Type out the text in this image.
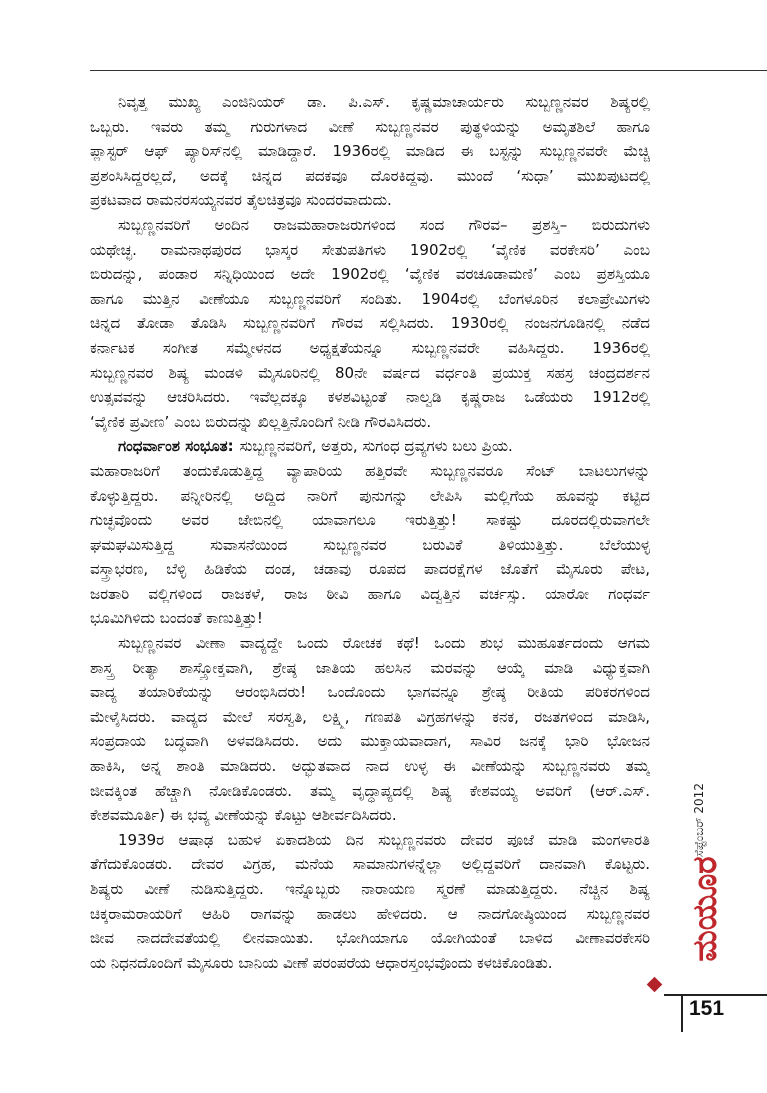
ನಿವೃತ್ತ ಮುಖ್ಯ ಎಂಜಿನಿಯರ್ ಡಾ. ಪಿ.ಎಸ್. ಕೃಷ್ಣಮಾಚಾರ್ಯರು ಸುಬ್ಬಣ್ಣನವರ ಶಿಷ್ಯರಲ್ಲಿ
ಒಬ್ಬರು. ಇವರು ತಮ್ಮ ಗುರುಗಳಾದ ವೀಣೆ ಸುಬ್ಬಣ್ಣನವರ ಪುತ್ಥಳಿಯನ್ನು ಅಮೃತಶಿಲೆ ಹಾಗೂ
ಪ್ಲಾಸ್ಟರ್ ಆಫ್ ಪ್ಯಾರಿಸ್‌ನಲ್ಲಿ ಮಾಡಿದ್ದಾರೆ. 1936ರಲ್ಲಿ ಮಾಡಿದ ಈ ಬಸ್ಟನ್ನು ಸುಬ್ಬಣ್ಣನವರೇ ಮೆಚ್ಚಿ
ಪ್ರಶಂಸಿಸಿದ್ದರಲ್ಲದೆ, ಅದಕ್ಕೆ ಚಿನ್ನದ ಪದಕವೂ ದೊರಕಿದ್ದವು. ಮುಂದೆ ‘ಸುಧಾ’ ಮುಖಪುಟದಲ್ಲಿ
ಪ್ರಕಟವಾದ ರಾಮನರಸಯ್ಯನವರ ತೈಲಚಿತ್ರವೂ ಸುಂದರವಾದುದು.
ಸುಬ್ಬಣ್ಣನವರಿಗೆ ಅಂದಿನ ರಾಜಮಹಾರಾಜರುಗಳಿಂದ ಸಂದ ಗೌರವ– ಪ್ರಶಸ್ತಿ– ಬಿರುದುಗಳು
ಯಥೇಚ್ಛ. ರಾಮನಾಥಪುರದ ಭಾಸ್ಕರ ಸೇತುಪತಿಗಳು 1902ರಲ್ಲಿ ‘ವೈಣಿಕ ವರಕೇಸರಿ’ ಎಂಬ
ಬಿರುದನ್ನು, ಪಂಡಾರ ಸನ್ನಿಧಿಯಿಂದ ಅದೇ 1902ರಲ್ಲಿ ‘ವೈಣಿಕ ವರಚೂಡಾಮಣಿ’ ಎಂಬ ಪ್ರಶಸ್ತಿಯೂ
ಹಾಗೂ ಮುತ್ತಿನ ವೀಣೆಯೂ ಸುಬ್ಬಣ್ಣನವರಿಗೆ ಸಂದಿತು. 1904ರಲ್ಲಿ ಬೆಂಗಳೂರಿನ ಕಲಾಪ್ರೇಮಿಗಳು
ಚಿನ್ನದ ತೋಡಾ ತೊಡಿಸಿ ಸುಬ್ಬಣ್ಣನವರಿಗೆ ಗೌರವ ಸಲ್ಲಿಸಿದರು. 1930ರಲ್ಲಿ ನಂಜನಗೂಡಿನಲ್ಲಿ ನಡೆದ
ಕರ್ನಾಟಕ ಸಂಗೀತ ಸಮ್ಮೇಳನದ ಅಧ್ಯಕ್ಷತೆಯನ್ನೂ ಸುಬ್ಬಣ್ಣನವರೇ ವಹಿಸಿದ್ದರು. 1936ರಲ್ಲಿ
ಸುಬ್ಬಣ್ಣನವರ ಶಿಷ್ಯ ಮಂಡಳಿ ಮೈಸೂರಿನಲ್ಲಿ 80ನೇ ವರ್ಷದ ವರ್ಧಂತಿ ಪ್ರಯುಕ್ತ ಸಹಸ್ರ ಚಂದ್ರದರ್ಶನ
ಉತ್ಸವವನ್ನು ಆಚರಿಸಿದರು. ಇವೆಲ್ಲದಕ್ಕೂ ಕಳಶವಿಟ್ಟಂತೆ ನಾಲ್ವಡಿ ಕೃಷ್ಣರಾಜ ಒಡೆಯರು 1912ರಲ್ಲಿ
‘ವೈಣಿಕ ಪ್ರವೀಣ’ ಎಂಬ ಬಿರುದನ್ನು ಖಿಲ್ಲತ್ತಿನೊಂದಿಗೆ ನೀಡಿ ಗೌರವಿಸಿದರು.
ಗಂಧರ್ವಾಂಶ ಸಂಭೂತ: ಸುಬ್ಬಣ್ಣನವರಿಗೆ, ಅತ್ತರು, ಸುಗಂಧ ದ್ರವ್ಯಗಳು ಬಲು ಪ್ರಿಯ.
ಮಹಾರಾಜರಿಗೆ ತಂದುಕೊಡುತ್ತಿದ್ದ ವ್ಯಾಪಾರಿಯ ಹತ್ತಿರವೇ ಸುಬ್ಬಣ್ಣನವರೂ ಸೆಂಟ್ ಬಾಟಲುಗಳನ್ನು
ಕೊಳ್ಳುತ್ತಿದ್ದರು. ಪನ್ನೀರಿನಲ್ಲಿ ಅದ್ದಿದ ನಾರಿಗೆ ಪುನುಗನ್ನು ಲೇಪಿಸಿ ಮಲ್ಲಿಗೆಯ ಹೂವನ್ನು ಕಟ್ಟಿದ
ಗುಚ್ಛವೊಂದು ಅವರ ಜೇಬಿನಲ್ಲಿ ಯಾವಾಗಲೂ ಇರುತ್ತಿತ್ತು! ಸಾಕಷ್ಟು ದೂರದಲ್ಲಿರುವಾಗಲೇ
ಘಮಘಮಿಸುತ್ತಿದ್ದ ಸುವಾಸನೆಯಿಂದ ಸುಬ್ಬಣ್ಣನವರ ಬರುವಿಕೆ ತಿಳಿಯುತ್ತಿತ್ತು. ಬೆಲೆಯುಳ್ಳ
ವಸ್ತ್ರಾಭರಣ, ಬೆಳ್ಳಿ ಹಿಡಿಕೆಯ ದಂಡ, ಚಡಾವು ರೂಪದ ಪಾದರಕ್ಷೆಗಳ ಜೊತೆಗೆ ಮೈಸೂರು ಪೇಟ,
ಜರತಾರಿ ವಲ್ಲಿಗಳಿಂದ ರಾಜಕಳೆ, ರಾಜ ಠೀವಿ ಹಾಗೂ ವಿದ್ವತ್ತಿನ ವರ್ಚಸ್ಸು. ಯಾರೋ ಗಂಧರ್ವ
ಭೂಮಿಗಿಳಿದು ಬಂದಂತೆ ಕಾಣುತ್ತಿತ್ತು!
ಸುಬ್ಬಣ್ಣನವರ ವೀಣಾ ವಾದ್ಯದ್ದೇ ಒಂದು ರೋಚಕ ಕಥೆ! ಒಂದು ಶುಭ ಮುಹೂರ್ತದಂದು ಆಗಮ
ಶಾಸ್ತ್ರ ರೀತ್ಯಾ ಶಾಸ್ತ್ರೋಕ್ತವಾಗಿ, ಶ್ರೇಷ್ಠ ಜಾತಿಯ ಹಲಸಿನ ಮರವನ್ನು ಆಯ್ಕೆ ಮಾಡಿ ವಿಧ್ಯುಕ್ತವಾಗಿ
ವಾದ್ಯ ತಯಾರಿಕೆಯನ್ನು ಆರಂಭಿಸಿದರು! ಒಂದೊಂದು ಭಾಗವನ್ನೂ ಶ್ರೇಷ್ಠ ರೀತಿಯ ಪರಿಕರಗಳಿಂದ
ಮೇಳೈಸಿದರು. ವಾದ್ಯದ ಮೇಲೆ ಸರಸ್ವತಿ, ಲಕ್ಷ್ಮಿ, ಗಣಪತಿ ವಿಗ್ರಹಗಳನ್ನು ಕನಕ, ರಜತಗಳಿಂದ ಮಾಡಿಸಿ,
ಸಂಪ್ರದಾಯ ಬದ್ಧವಾಗಿ ಅಳವಡಿಸಿದರು. ಅದು ಮುಕ್ತಾಯವಾದಾಗ, ಸಾವಿರ ಜನಕ್ಕೆ ಭಾರಿ ಭೋಜನ
ಹಾಕಿಸಿ, ಅನ್ನ ಶಾಂತಿ ಮಾಡಿದರು. ಅದ್ಭುತವಾದ ನಾದ ಉಳ್ಳ ಈ ವೀಣೆಯನ್ನು ಸುಬ್ಬಣ್ಣನವರು ತಮ್ಮ
ಜೀವಕ್ಕಿಂತ ಹೆಚ್ಚಾಗಿ ನೋಡಿಕೊಂಡರು. ತಮ್ಮ ವೃದ್ಧಾಪ್ಯದಲ್ಲಿ ಶಿಷ್ಯ ಕೇಶವಯ್ಯ ಅವರಿಗೆ (ಆರ್.ಎಸ್.
ಕೇಶವಮೂರ್ತಿ) ಈ ಭವ್ಯ ವೀಣೆಯನ್ನು ಕೊಟ್ಟು ಆಶೀರ್ವದಿಸಿದರು.
1939ರ ಆಷಾಢ ಬಹುಳ ಏಕಾದಶಿಯ ದಿನ ಸುಬ್ಬಣ್ಣನವರು ದೇವರ ಪೂಜೆ ಮಾಡಿ ಮಂಗಳಾರತಿ
ತೆಗೆದುಕೊಂಡರು. ದೇವರ ವಿಗ್ರಹ, ಮನೆಯ ಸಾಮಾನುಗಳನ್ನೆಲ್ಲಾ ಅಲ್ಲಿದ್ದವರಿಗೆ ದಾನವಾಗಿ ಕೊಟ್ಟರು.
ಶಿಷ್ಯರು ವೀಣೆ ನುಡಿಸುತ್ತಿದ್ದರು. ಇನ್ನೊಬ್ಬರು ನಾರಾಯಣ ಸ್ಮರಣೆ ಮಾಡುತ್ತಿದ್ದರು. ನೆಚ್ಚಿನ ಶಿಷ್ಯ
ಚಿಕ್ಕರಾಮರಾಯರಿಗೆ ಆಹಿರಿ ರಾಗವನ್ನು ಹಾಡಲು ಹೇಳಿದರು. ಆ ನಾದಗೋಷ್ಠಿಯಿಂದ ಸುಬ್ಬಣ್ಣನವರ
ಜೀವ ನಾದದೇವತೆಯಲ್ಲಿ ಲೀನವಾಯಿತು. ಭೋಗಿಯಾಗೂ ಯೋಗಿಯಂತೆ ಬಾಳಿದ ವೀಣಾವರಕೇಸರಿ
ಯ ನಿಧನದೊಂದಿಗೆ ಮೈಸೂರು ಬಾನಿಯ ವೀಣೆ ಪರಂಪರೆಯ ಆಧಾರಸ್ತಂಭವೊಂದು ಕಳಚಿಕೊಂಡಿತು.
ಸೆಪ್ಟೆಂಬರ್ 2012
ಮಯೂರ
151
